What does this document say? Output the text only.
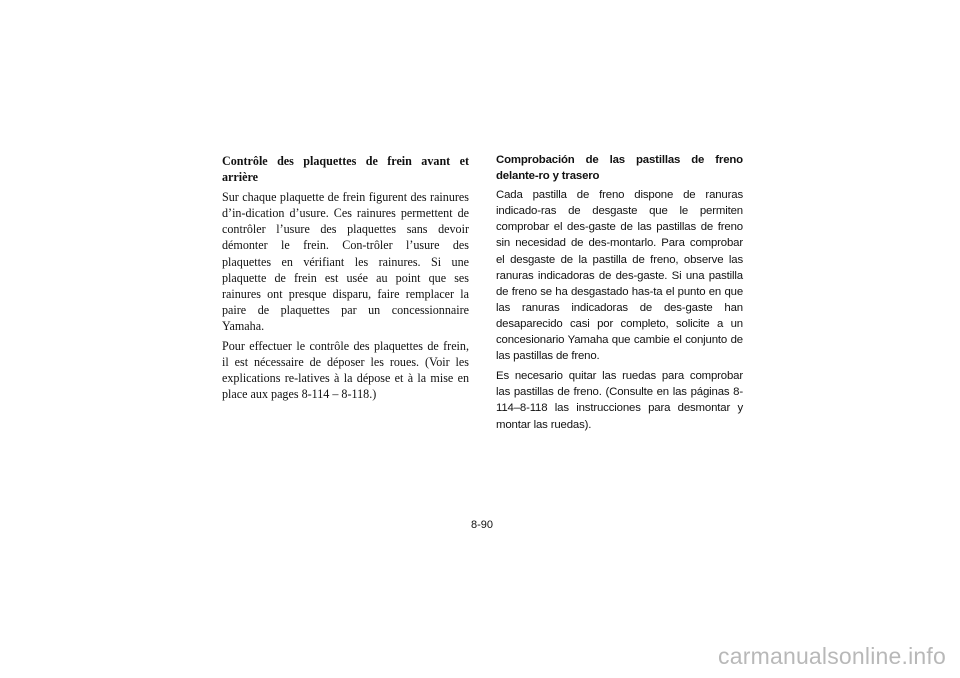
Contrôle des plaquettes de frein avant et arrière

Sur chaque plaquette de frein figurent des rainures d’in-dication d’usure. Ces rainures permettent de contrôler l’usure des plaquettes sans devoir démonter le frein. Con-trôler l’usure des plaquettes en vérifiant les rainures. Si une plaquette de frein est usée au point que ses rainures ont presque disparu, faire remplacer la paire de plaquettes par un concessionnaire Yamaha.

Pour effectuer le contrôle des plaquettes de frein, il est nécessaire de déposer les roues. (Voir les explications re-latives à la dépose et à la mise en place aux pages 8-114 – 8-118.)

Comprobación de las pastillas de freno delante-ro y trasero

Cada pastilla de freno dispone de ranuras indicado-ras de desgaste que le permiten comprobar el des-gaste de las pastillas de freno sin necesidad de des-montarlo. Para comprobar el desgaste de la pastilla de freno, observe las ranuras indicadoras de des-gaste. Si una pastilla de freno se ha desgastado has-ta el punto en que las ranuras indicadoras de des-gaste han desaparecido casi por completo, solicite a un concesionario Yamaha que cambie el conjunto de las pastillas de freno.

Es necesario quitar las ruedas para comprobar las pastillas de freno. (Consulte en las páginas 8-114–8-118 las instrucciones para desmontar y montar las ruedas).

8-90
carmanualsonline.info
